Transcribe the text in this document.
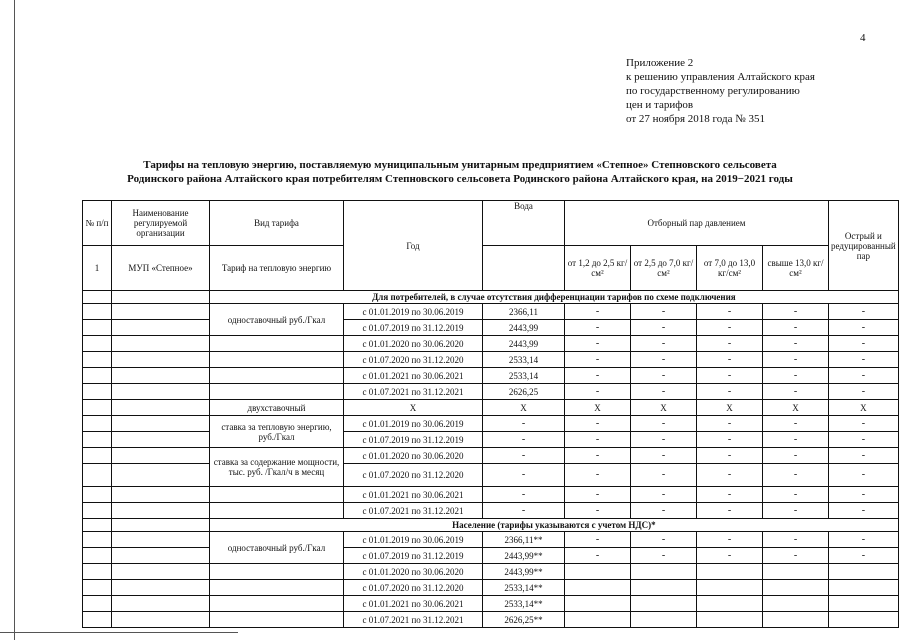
4
Приложение 2
к решению управления Алтайского края
по государственному регулированию
цен и тарифов
от 27 ноября 2018 года № 351
Тарифы на тепловую энергию, поставляемую муниципальным унитарным предприятием «Степное» Степновского сельсовета
Родинского района Алтайского края потребителям Степновского сельсовета Родинского района Алтайского края, на 2019−2021 годы
№ п/п	Наименование регулируемой организации	Вид тарифа	Год	Вода	Отборный пар давлением				Острый и редуцированный пар
1	МУП «Степное»	Тариф на тепловую энергию			от 1,2 до 2,5 кг/см²	от 2,5 до 7,0 кг/см²	от 7,0 до 13,0 кг/см²	свыше 13,0 кг/см²	
		Для потребителей, в случае отсутствия дифференциации тарифов по схеме подключения							
		одноставочный руб./Гкал	с 01.01.2019 по 30.06.2019	2366,11	-	-	-	-	-
			с 01.07.2019 по 31.12.2019	2443,99	-	-	-	-	-
			с 01.01.2020 по 30.06.2020	2443,99	-	-	-	-	-
			с 01.07.2020 по 31.12.2020	2533,14	-	-	-	-	-
			с 01.01.2021 по 30.06.2021	2533,14	-	-	-	-	-
			с 01.07.2021 по 31.12.2021	2626,25	-	-	-	-	-
		двухставочный	Х	Х	Х	Х	Х	Х	Х
		ставка за тепловую энергию, руб./Гкал	с 01.01.2019 по 30.06.2019	-	-	-	-	-	-
			с 01.07.2019 по 31.12.2019	-	-	-	-	-	-
		ставка за содержание мощности, тыс. руб. /Гкал/ч в месяц	с 01.01.2020 по 30.06.2020	-	-	-	-	-	-
			с 01.07.2020 по 31.12.2020	-	-	-	-	-	-
			с 01.01.2021 по 30.06.2021	-	-	-	-	-	-
			с 01.07.2021 по 31.12.2021	-	-	-	-	-	-
		Население (тарифы указываются с учетом НДС)*							
		одноставочный руб./Гкал	с 01.01.2019 по 30.06.2019	2366,11**	-	-	-	-	-
			с 01.07.2019 по 31.12.2019	2443,99**	-	-	-	-	-
			с 01.01.2020 по 30.06.2020	2443,99**					
			с 01.07.2020 по 31.12.2020	2533,14**					
			с 01.01.2021 по 30.06.2021	2533,14**					
			с 01.07.2021 по 31.12.2021	2626,25**					
